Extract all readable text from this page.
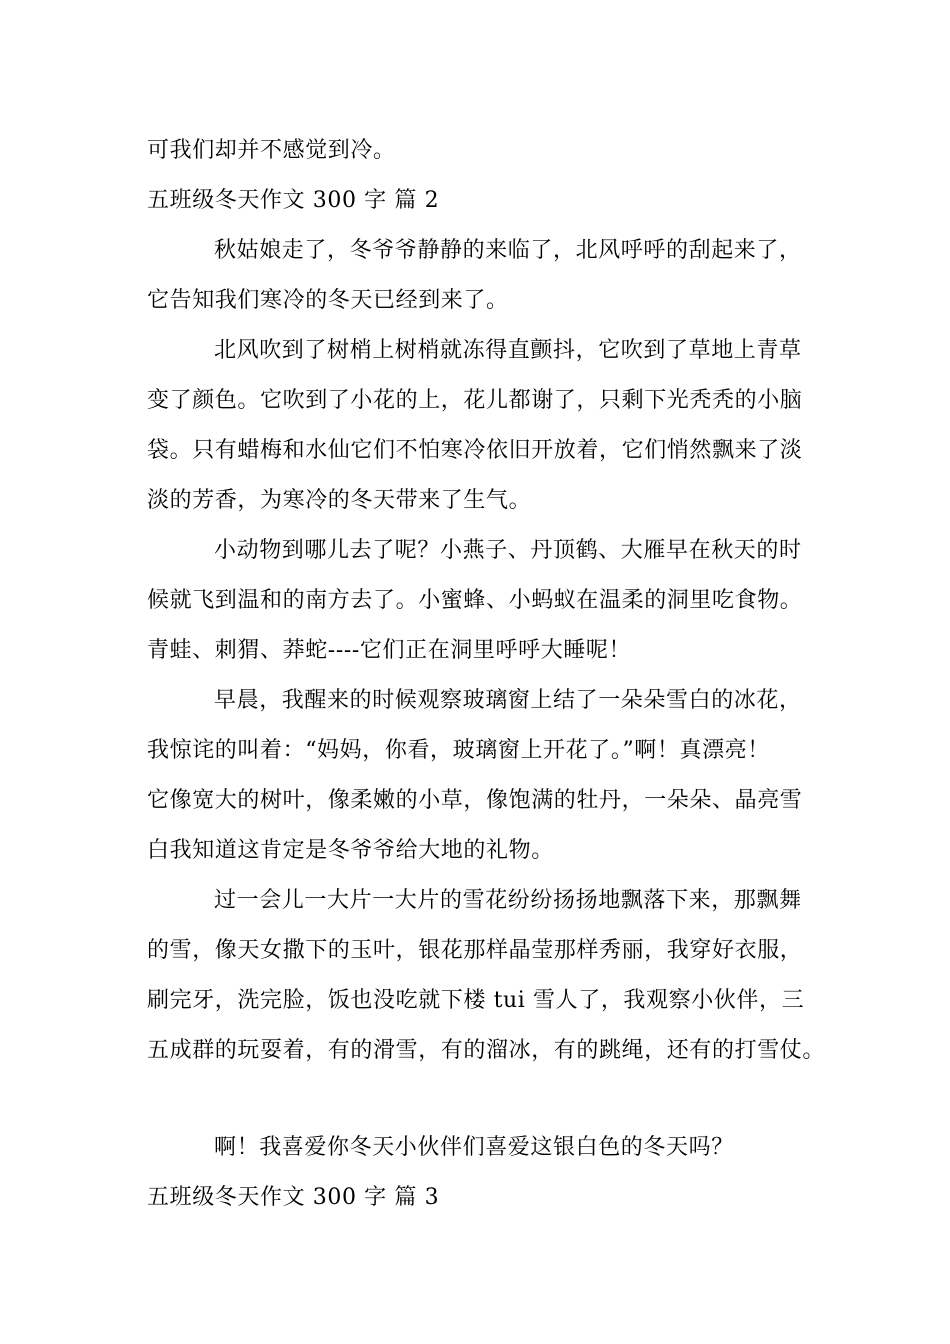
可我们却并不感觉到冷。
五班级冬天作文 300 字 篇 2
秋姑娘走了，冬爷爷静静的来临了，北风呼呼的刮起来了，
它告知我们寒冷的冬天已经到来了。
北风吹到了树梢上树梢就冻得直颤抖，它吹到了草地上青草
变了颜色。它吹到了小花的上，花儿都谢了，只剩下光秃秃的小脑
袋。只有蜡梅和水仙它们不怕寒冷依旧开放着，它们悄然飘来了淡
淡的芳香，为寒冷的冬天带来了生气。
小动物到哪儿去了呢？小燕子、丹顶鹤、大雁早在秋天的时
候就飞到温和的南方去了。小蜜蜂、小蚂蚁在温柔的洞里吃食物。
青蛙、刺猬、莽蛇----它们正在洞里呼呼大睡呢！
早晨，我醒来的时候观察玻璃窗上结了一朵朵雪白的冰花，
我惊诧的叫着：“妈妈，你看，玻璃窗上开花了。”啊！真漂亮！
它像宽大的树叶，像柔嫩的小草，像饱满的牡丹，一朵朵、晶亮雪
白我知道这肯定是冬爷爷给大地的礼物。
过一会儿一大片一大片的雪花纷纷扬扬地飘落下来，那飘舞
的雪，像天女撒下的玉叶，银花那样晶莹那样秀丽，我穿好衣服，
刷完牙，洗完脸，饭也没吃就下楼 tui 雪人了，我观察小伙伴，三
五成群的玩耍着，有的滑雪，有的溜冰，有的跳绳，还有的打雪仗。
啊！我喜爱你冬天小伙伴们喜爱这银白色的冬天吗？
五班级冬天作文 300 字 篇 3
